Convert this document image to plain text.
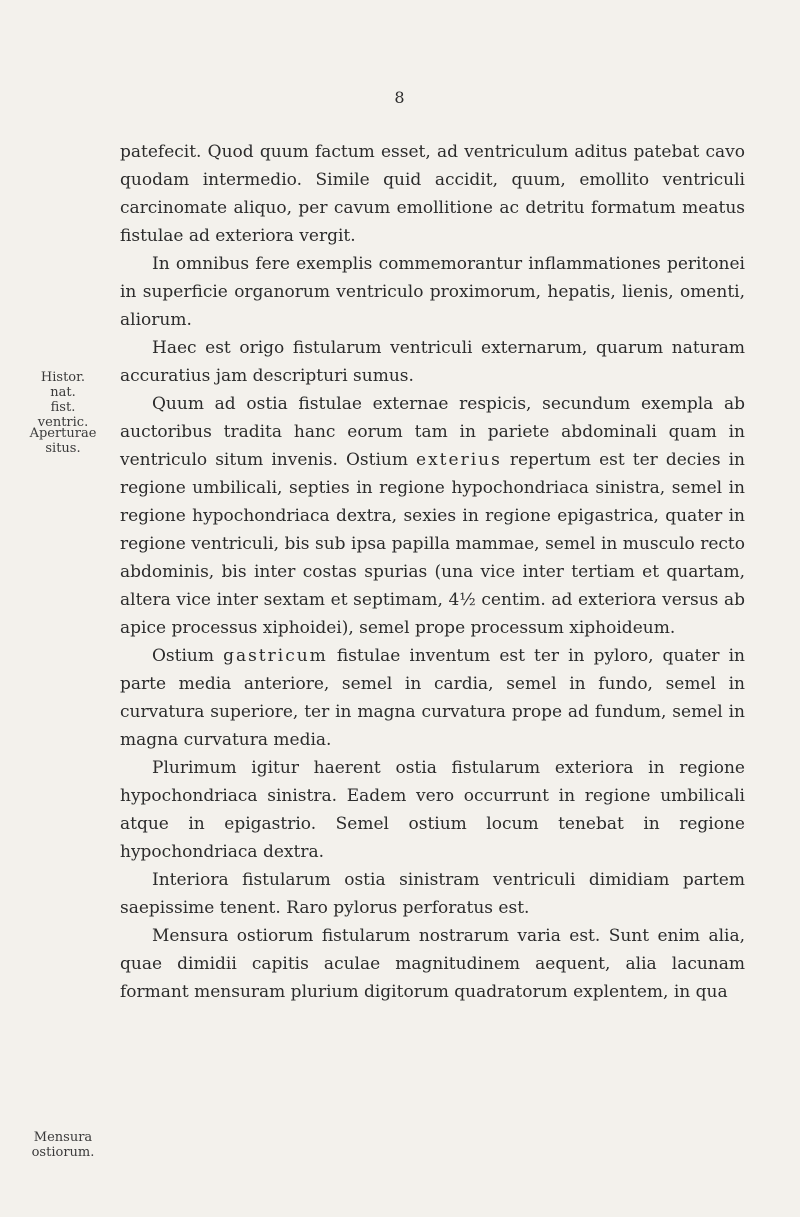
8
Histor. nat.
fist. ventric.
Aperturae
situs.
Mensura
ostiorum.

patefecit. Quod quum factum esset, ad ventriculum aditus patebat cavo quodam intermedio. Simile quid accidit, quum, emollito ventriculi carcinomate aliquo, per cavum emollitione ac detritu formatum meatus fistulae ad exteriora vergit.

In omnibus fere exemplis commemorantur inflammationes peritonei in superficie organorum ventriculo proximorum, hepatis, lienis, omenti, aliorum.

Haec est origo fistularum ventriculi externarum, quarum naturam accuratius jam descripturi sumus.

Quum ad ostia fistulae externae respicis, secundum exempla ab auctoribus tradita hanc eorum tam in pariete abdominali quam in ventriculo situm invenis. Ostium exterius repertum est ter decies in regione umbilicali, septies in regione hypochondriaca sinistra, semel in regione hypochondriaca dextra, sexies in regione epigastrica, quater in regione ventriculi, bis sub ipsa papilla mammae, semel in musculo recto abdominis, bis inter costas spurias (una vice inter tertiam et quartam, altera vice inter sextam et septimam, 4½ centim. ad exteriora versus ab apice processus xiphoidei), semel prope processum xiphoideum.

Ostium gastricum fistulae inventum est ter in pyloro, quater in parte media anteriore, semel in cardia, semel in fundo, semel in curvatura superiore, ter in magna curvatura prope ad fundum, semel in magna curvatura media.

Plurimum igitur haerent ostia fistularum exteriora in regione hypochondriaca sinistra. Eadem vero occurrunt in regione umbilicali atque in epigastrio. Semel ostium locum tenebat in regione hypochondriaca dextra.

Interiora fistularum ostia sinistram ventriculi dimidiam partem saepissime tenent. Raro pylorus perforatus est.

Mensura ostiorum fistularum nostrarum varia est. Sunt enim alia, quae dimidii capitis aculae magnitudinem aequent, alia lacunam formant mensuram plurium digitorum quadratorum explentem, in qua
